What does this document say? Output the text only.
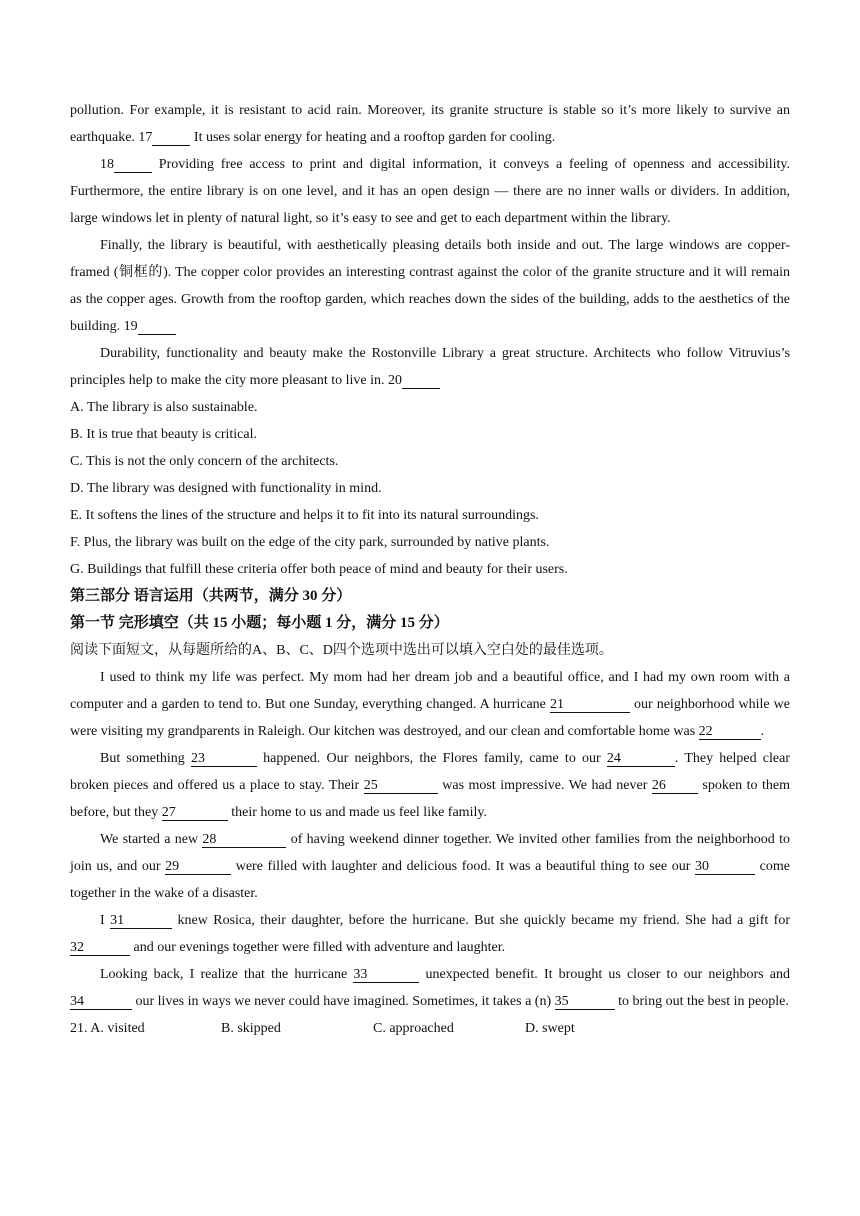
pollution. For example, it is resistant to acid rain. Moreover, its granite structure is stable so it’s more likely to survive an earthquake. 17	It uses solar energy for heating and a rooftop garden for cooling.

18	Providing free access to print and digital information, it conveys a feeling of openness and accessibility. Furthermore, the entire library is on one level, and it has an open design — there are no inner walls or dividers. In addition, large windows let in plenty of natural light, so it’s easy to see and get to each department within the library.

Finally, the library is beautiful, with aesthetically pleasing details both inside and out. The large windows are copper-framed (铜框的). The copper color provides an interesting contrast against the color of the granite structure and it will remain as the copper ages. Growth from the rooftop garden, which reaches down the sides of the building, adds to the aesthetics of the building. 19

Durability, functionality and beauty make the Rostonville Library a great structure. Architects who follow Vitruvius’s principles help to make the city more pleasant to live in. 20

A. The library is also sustainable.

B. It is true that beauty is critical.

C. This is not the only concern of the architects.

D. The library was designed with functionality in mind.

E. It softens the lines of the structure and helps it to fit into its natural surroundings.

F. Plus, the library was built on the edge of the city park, surrounded by native plants.

G. Buildings that fulfill these criteria offer both peace of mind and beauty for their users.

第三部分 语言运用（共两节，满分 30 分）

第一节 完形填空（共 15 小题；每小题 1 分，满分 15 分）

阅读下面短文，从每题所给的A、B、C、D四个选项中选出可以填入空白处的最佳选项。

I used to think my life was perfect. My mom had her dream job and a beautiful office, and I had my own room with a computer and a garden to tend to. But one Sunday, everything changed. A hurricane 21	our neighborhood while we were visiting my grandparents in Raleigh. Our kitchen was destroyed, and our clean and comfortable home was 22	.

But something 23	happened. Our neighbors, the Flores family, came to our 24	. They helped clear broken pieces and offered us a place to stay. Their 25	was most impressive. We had never 26 spoken to them before, but they 27	their home to us and made us feel like family.

We started a new 28	of having weekend dinner together. We invited other families from the neighborhood to join us, and our 29	were filled with laughter and delicious food. It was a beautiful thing to see our 30	come together in the wake of a disaster.

I 31	knew Rosica, their daughter, before the hurricane. But she quickly became my friend. She had a gift for 32	and our evenings together were filled with adventure and laughter.

Looking back, I realize that the hurricane 33	unexpected benefit. It brought us closer to our neighbors and 34	our lives in ways we never could have imagined. Sometimes, it takes a (n) 35	to bring out the best in people.

21. A. visited	B. skipped	C. approached	D. swept
